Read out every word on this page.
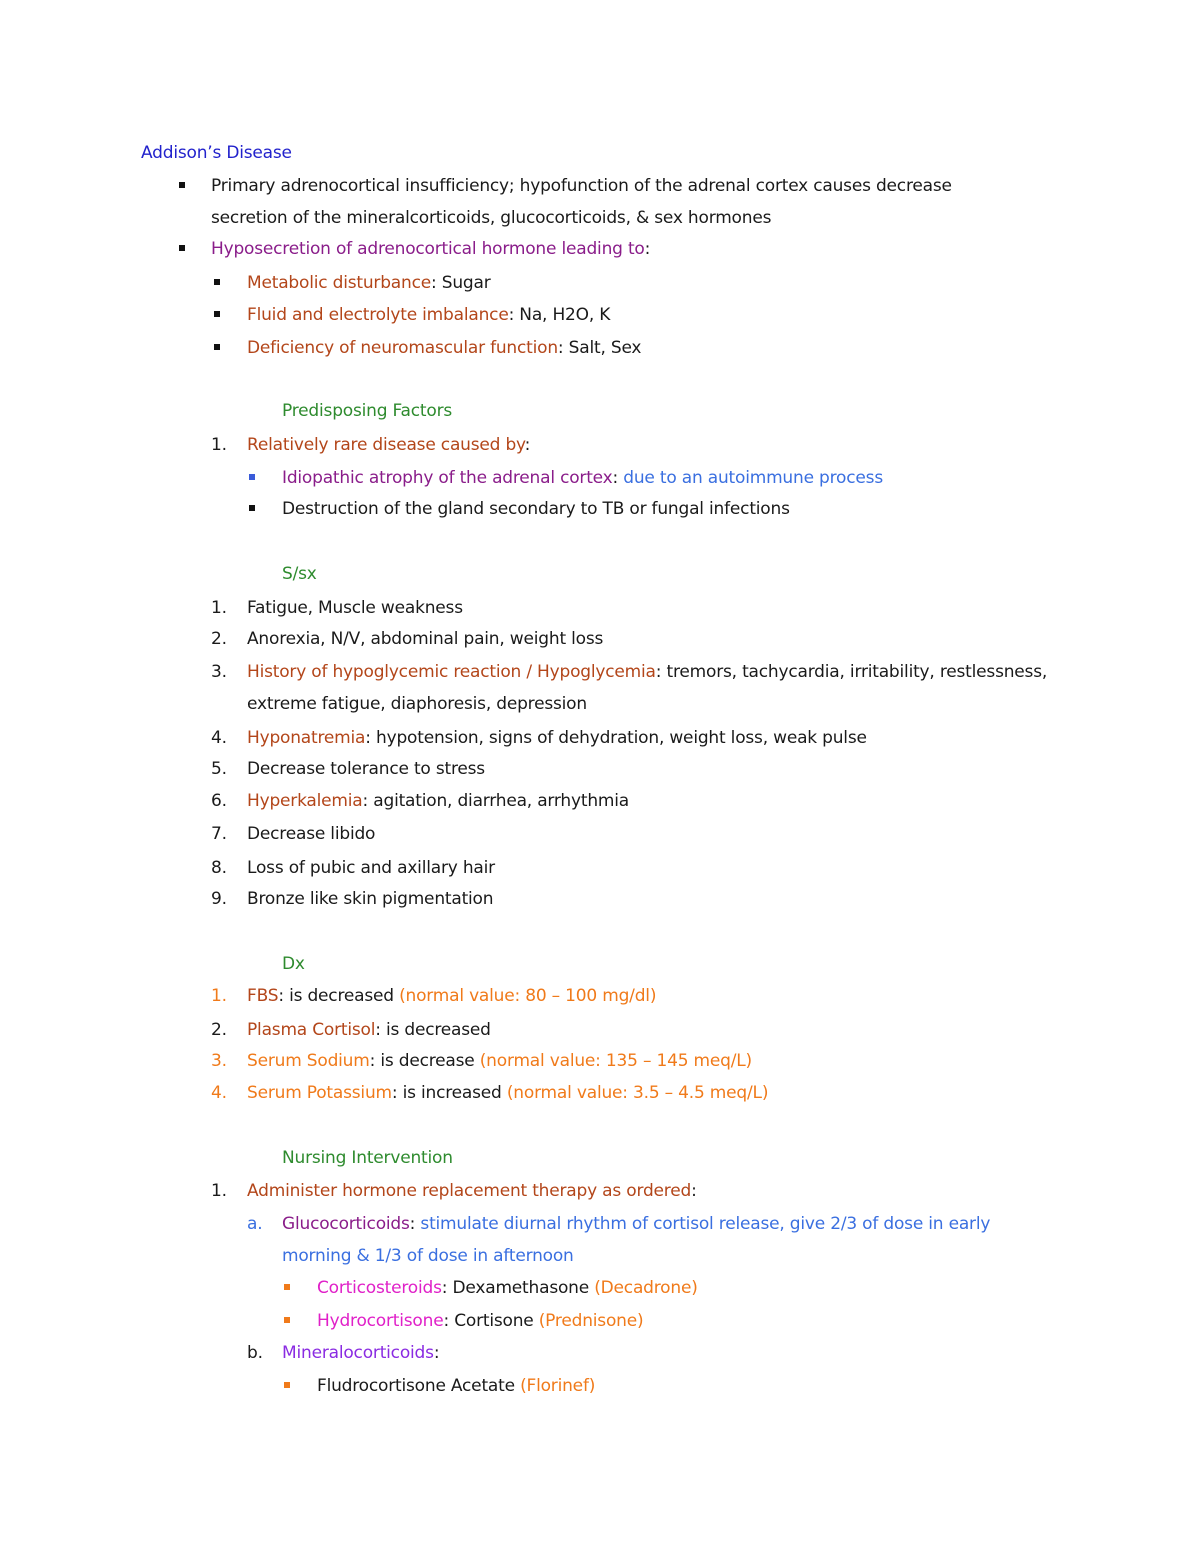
Addison’s Disease
Primary adrenocortical insufficiency; hypofunction of the adrenal cortex causes decrease
secretion of the mineralcorticoids, glucocorticoids, & sex hormones
Hyposecretion of adrenocortical hormone leading to:
Metabolic disturbance: Sugar
Fluid and electrolyte imbalance: Na, H2O, K
Deficiency of neuromascular function: Salt, Sex
Predisposing Factors
1. Relatively rare disease caused by:
Idiopathic atrophy of the adrenal cortex: due to an autoimmune process
Destruction of the gland secondary to TB or fungal infections
S/sx
1. Fatigue, Muscle weakness
2. Anorexia, N/V, abdominal pain, weight loss
3. History of hypoglycemic reaction / Hypoglycemia: tremors, tachycardia, irritability, restlessness,
extreme fatigue, diaphoresis, depression
4. Hyponatremia: hypotension, signs of dehydration, weight loss, weak pulse
5. Decrease tolerance to stress
6. Hyperkalemia: agitation, diarrhea, arrhythmia
7. Decrease libido
8. Loss of pubic and axillary hair
9. Bronze like skin pigmentation
Dx
1. FBS: is decreased (normal value: 80 – 100 mg/dl)
2. Plasma Cortisol: is decreased
3. Serum Sodium: is decrease (normal value: 135 – 145 meq/L)
4. Serum Potassium: is increased (normal value: 3.5 – 4.5 meq/L)
Nursing Intervention
1. Administer hormone replacement therapy as ordered:
a. Glucocorticoids: stimulate diurnal rhythm of cortisol release, give 2/3 of dose in early
morning & 1/3 of dose in afternoon
Corticosteroids: Dexamethasone (Decadrone)
Hydrocortisone: Cortisone (Prednisone)
b. Mineralocorticoids:
Fludrocortisone Acetate (Florinef)
